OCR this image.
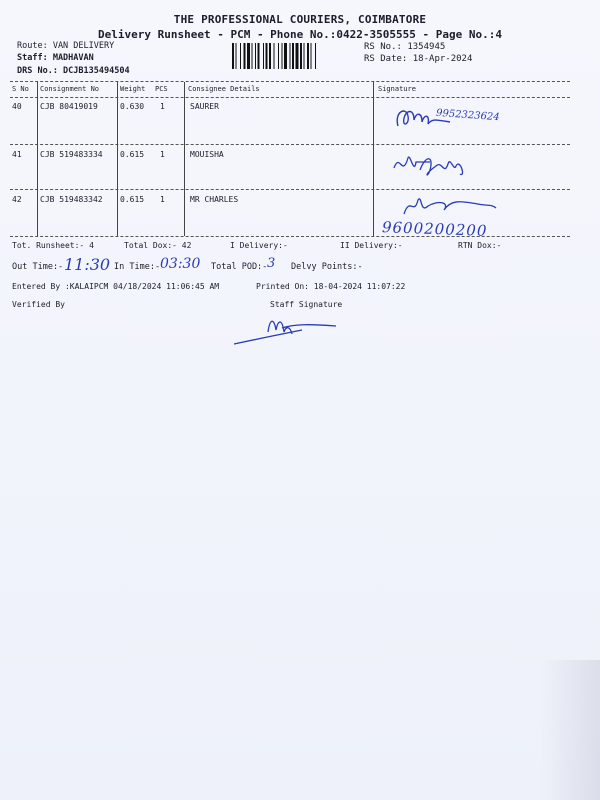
THE PROFESSIONAL COURIERS, COIMBATORE
Delivery Runsheet - PCM - Phone No.:0422-3505555 - Page No.:4
Route: VAN DELIVERY
Staff: MADHAVAN
DRS No.: DCJB135494504
RS No.: 1354945
RS Date: 18-Apr-2024
S No Consignment No	Weight PCS	Consignee Details	Signature
40 CJB 80419019	0.630 1	SAURER
41 CJB 519483334 0.615 1	MOUISHA
42 CJB 519483342 0.615 1	MR CHARLES
9952323624
9600200200
Tot. Runsheet:- 4	Total Dox:- 42	I Delivery:-	II Delivery:-	RTN Dox:-
Out Time:- 11:30 In Time:- 03:30 Total POD:- 3 Delvy Points:-
Entered By :KALAIPCM 04/18/2024 11:06:45 AM	Printed On: 18-04-2024 11:07:22
Verified By	Staff Signature
